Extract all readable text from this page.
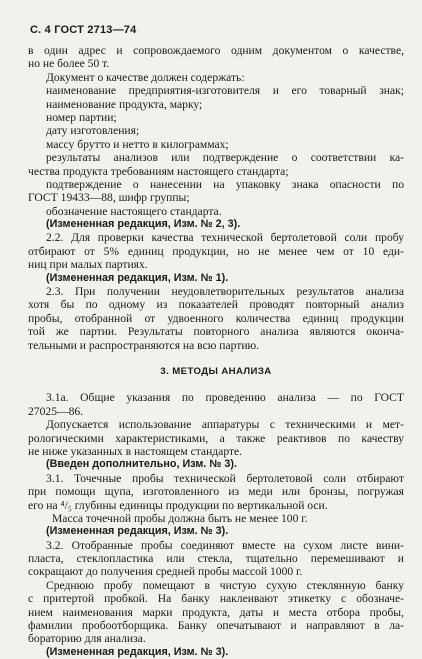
С. 4 ГОСТ 2713—74
в один адрес и сопровождаемого одним документом о качестве,
но не более 50 т.
Документ о качестве должен содержать:
наименование предприятия-изготовителя и его товарный знак;
наименование продукта, марку;
номер партии;
дату изготовления;
массу брутто и нетто в килограммах;
результаты анализов или подтверждение о соответствии ка-
чества продукта требованиям настоящего стандарта;
подтверждение о нанесении на упаковку знака опасности по
ГОСТ 19433—88, шифр группы;
обозначение настоящего стандарта.
(Измененная редакция, Изм. № 2, 3).
2.2. Для проверки качества технической бертолетовой соли пробу
отбирают от 5% единиц продукции, но не менее чем от 10 еди-
ниц при малых партиях.
(Измененная редакция, Изм. № 1).
2.3. При получении неудовлетворительных результатов анализа
хотя бы по одному из показателей проводят повторный анализ
пробы, отобранной от удвоенного количества единиц продукции
той же партии. Результаты повторного анализа являются оконча-
тельными и распространяются на всю партию.
3. МЕТОДЫ АНАЛИЗА
3.1а. Общие указания по проведению анализа — по ГОСТ
27025—86.
Допускается использование аппаратуры с техническими и мет-
рологическими характеристиками, а также реактивов по качеству
не ниже указанных в настоящем стандарте.
(Введен дополнительно, Изм. № 3).
3.1. Точечные пробы технической бертолетовой соли отбирают
при помощи щупа, изготовленного из меди или бронзы, погружая
его на ⁴/₅ глубины единицы продукции по вертикальной оси.
Масса точечной пробы должна быть не менее 100 г.
(Измененная редакция, Изм. № 3).
3.2. Отобранные пробы соединяют вместе на сухом листе вини-
пласта, стеклопластика или стекла, тщательно перемешивают и
сокращают до получения средней пробы массой 1000 г.
Среднюю пробу помещают в чистую сухую стеклянную банку
с притертой пробкой. На банку наклеивают этикетку с обозначе-
нием наименования марки продукта, даты и места отбора пробы,
фамилии пробоотборщика. Банку опечатывают и направляют в ла-
бораторию для анализа.
(Измененная редакция, Изм. № 3).
